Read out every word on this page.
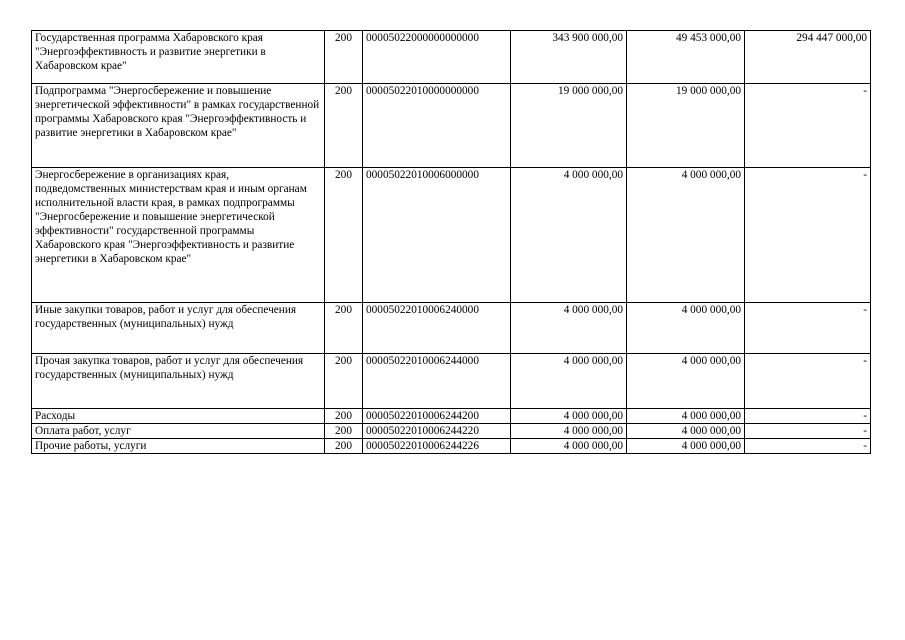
Государственная программа Хабаровского края "Энергоэффективность и развитие энергетики в Хабаровском крае"	200	00005022000000000000	343 900 000,00	49 453 000,00	294 447 000,00
Подпрограмма "Энергосбережение и повышение энергетической эффективности" в рамках государственной программы Хабаровского края "Энергоэффективность и развитие энергетики в Хабаровском крае"	200	00005022010000000000	19 000 000,00	19 000 000,00	-
Энергосбережение в организациях края, подведомственных министерствам края и иным органам исполнительной власти края, в рамках подпрограммы "Энергосбережение и повышение энергетической эффективности" государственной программы Хабаровского края "Энергоэффективность и развитие энергетики в Хабаровском крае"	200	00005022010006000000	4 000 000,00	4 000 000,00	-
Иные закупки товаров, работ и услуг для обеспечения государственных (муниципальных) нужд	200	00005022010006240000	4 000 000,00	4 000 000,00	-
Прочая закупка товаров, работ и услуг для обеспечения государственных (муниципальных) нужд	200	00005022010006244000	4 000 000,00	4 000 000,00	-
Расходы	200	00005022010006244200	4 000 000,00	4 000 000,00	-
Оплата работ, услуг	200	00005022010006244220	4 000 000,00	4 000 000,00	-
Прочие работы, услуги	200	00005022010006244226	4 000 000,00	4 000 000,00	-
